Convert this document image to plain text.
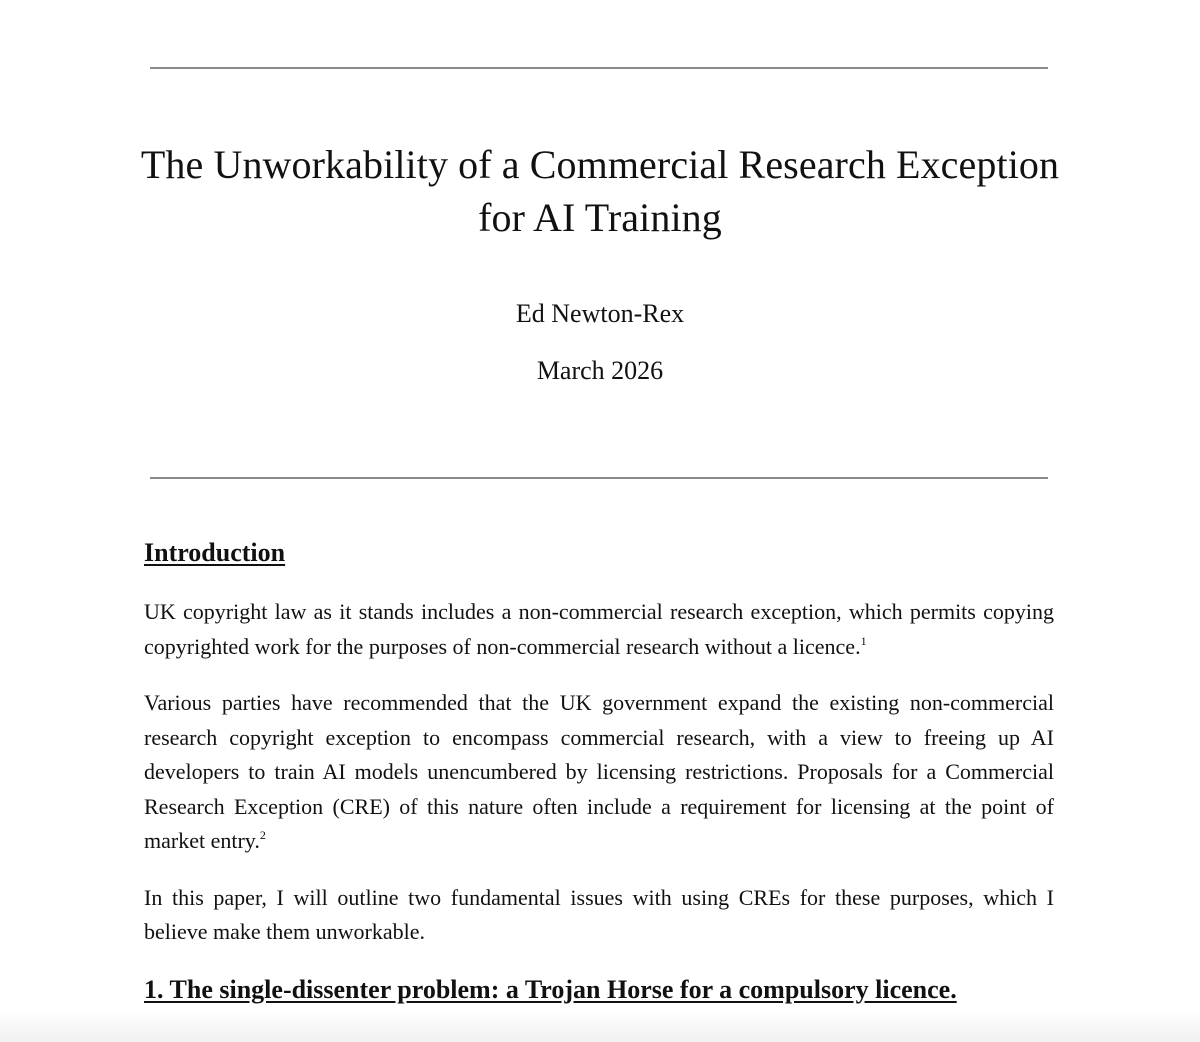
The Unworkability of a Commercial Research Exception for AI Training
Ed Newton-Rex
March 2026
Introduction

UK copyright law as it stands includes a non-commercial research exception, which permits copying copyrighted work for the purposes of non-commercial research without a licence.$^1$

Various parties have recommended that the UK government expand the existing non-commercial research copyright exception to encompass commercial research, with a view to freeing up AI developers to train AI models unencumbered by licensing restrictions. Proposals for a Commercial Research Exception (CRE) of this nature often include a requirement for licensing at the point of market entry.$^2$

In this paper, I will outline two fundamental issues with using CREs for these purposes, which I believe make them unworkable.

1. The single-dissenter problem: a Trojan Horse for a compulsory licence.
